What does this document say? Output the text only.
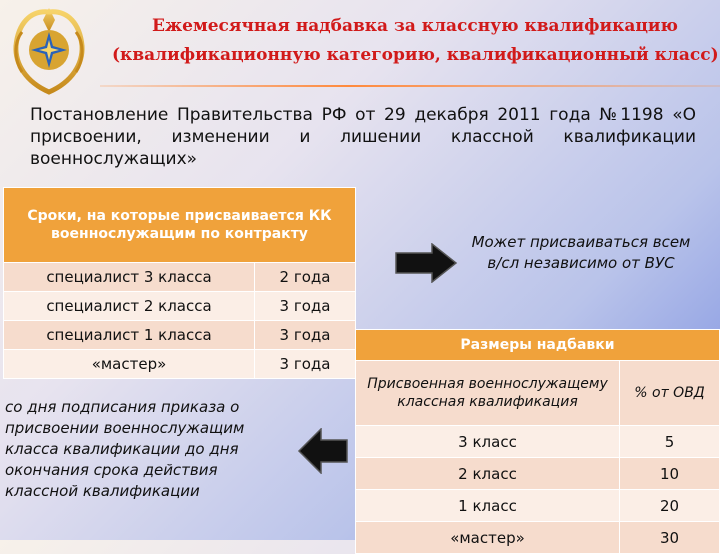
Ежемесячная надбавка за классную квалификацию
(квалификационную категорию, квалификационный класс)
Постановление Правительства РФ от 29 декабря 2011 года №1198 «О присвоении, изменении и лишении классной квалификации военнослужащих»
Сроки, на которые присваивается КК военнослужащим по контракту	
специалист 3 класса	2 года
специалист 2 класса	3 года
специалист 1 класса	3 года
«мастер»	3 года
Может присваиваться всем в/сл независимо от ВУС
Размеры надбавки	
Присвоенная военнослужащему классная квалификация	% от ОВД
3 класс	5
2 класс	10
1 класс	20
«мастер»	30
со дня подписания приказа о присвоении военнослужащим класса квалификации до дня окончания срока действия классной квалификации
